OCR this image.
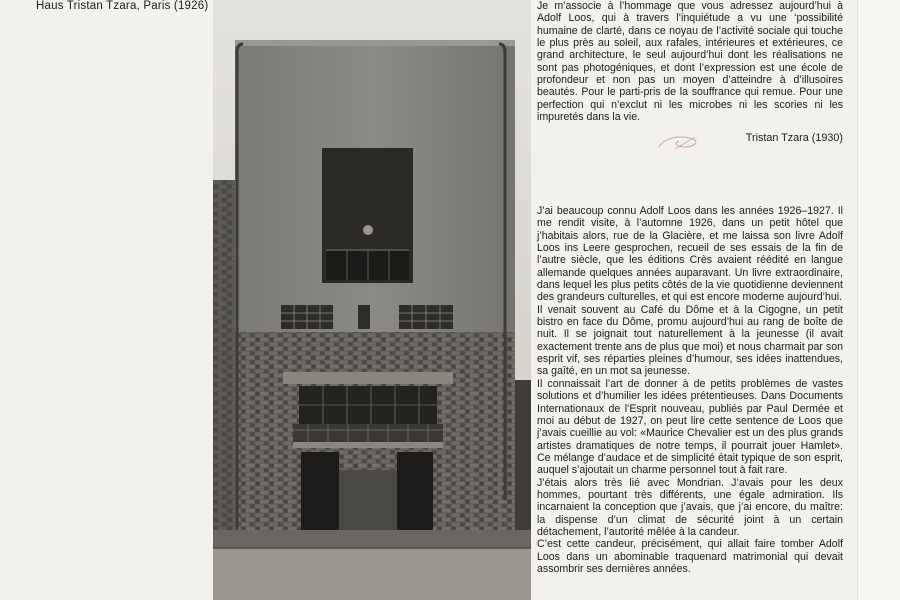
Haus Tristan Tzara, Paris (1926)	Je m’associe à l’hommage que vous adressez aujourd’hui à Adolf Loos, qui à travers l’inquiétude a vu une ‘possibilité humaine de clarté, dans ce noyau de l’activité sociale qui touche le plus près au soleil, aux rafales, intérieures et extérieures, ce grand architecture, le seul aujourd’hui dont les réalisations ne sont pas photogéniques, et dont l’expression est une école de profondeur et non pas un moyen d’atteindre à d’illusoires beautés. Pour le parti-pris de la souffrance qui remue. Pour une perfection qui n’exclut ni les microbes ni les scories ni les impuretés dans la vie.

Tristan Tzara (1930)

J’ai beaucoup connu Adolf Loos dans les années 1926–1927. Il me rendit visite, à l’automne 1926, dans un petit hôtel que j’habitais alors, rue de la Glacière, et me laissa son livre Adolf Loos ins Leere gesprochen, recueil de ses essais de la fin de l’autre siècle, que les éditions Crès avaient réédité en langue allemande quelques années auparavant. Un livre extraordinaire, dans lequel les plus petits côtés de la vie quotidienne deviennent des grandeurs culturelles, et qui est encore moderne aujourd’hui.

Il venait souvent au Café du Dôme et à la Cigogne, un petit bistro en face du Dôme, promu aujourd’hui au rang de boîte de nuit. Il se joignait tout naturellement à la jeunesse (il avait exactement trente ans de plus que moi) et nous charmait par son esprit vif, ses réparties pleines d’humour, ses idées inattendues, sa gaîté, en un mot sa jeunesse.

Il connaissait l’art de donner à de petits problèmes de vastes solutions et d’humilier les idées prétentieuses. Dans Documents Internationaux de l’Esprit nouveau, publiés par Paul Dermée et moi au début de 1927, on peut lire cette sentence de Loos que j’avais cueillie au vol: «Maurice Chevalier est un des plus grands artistes dramatiques de notre temps, il pourrait jouer Hamlet». Ce mélange d’audace et de simplicité était typique de son esprit, auquel s’ajoutait un charme personnel tout à fait rare.

J’étais alors très lié avec Mondrian. J’avais pour les deux hommes, pourtant très différents, une égale admiration. Ils incarnaient la conception que j’avais, que j’ai encore, du maître: la dispense d’un climat de sécurité joint à un certain détachement, l’autorité mêlée à la candeur.

C’est cette candeur, précisément, qui allait faire tomber Adolf Loos dans un abominable traquenard matrimonial qui devait assombrir ses dernières années.
